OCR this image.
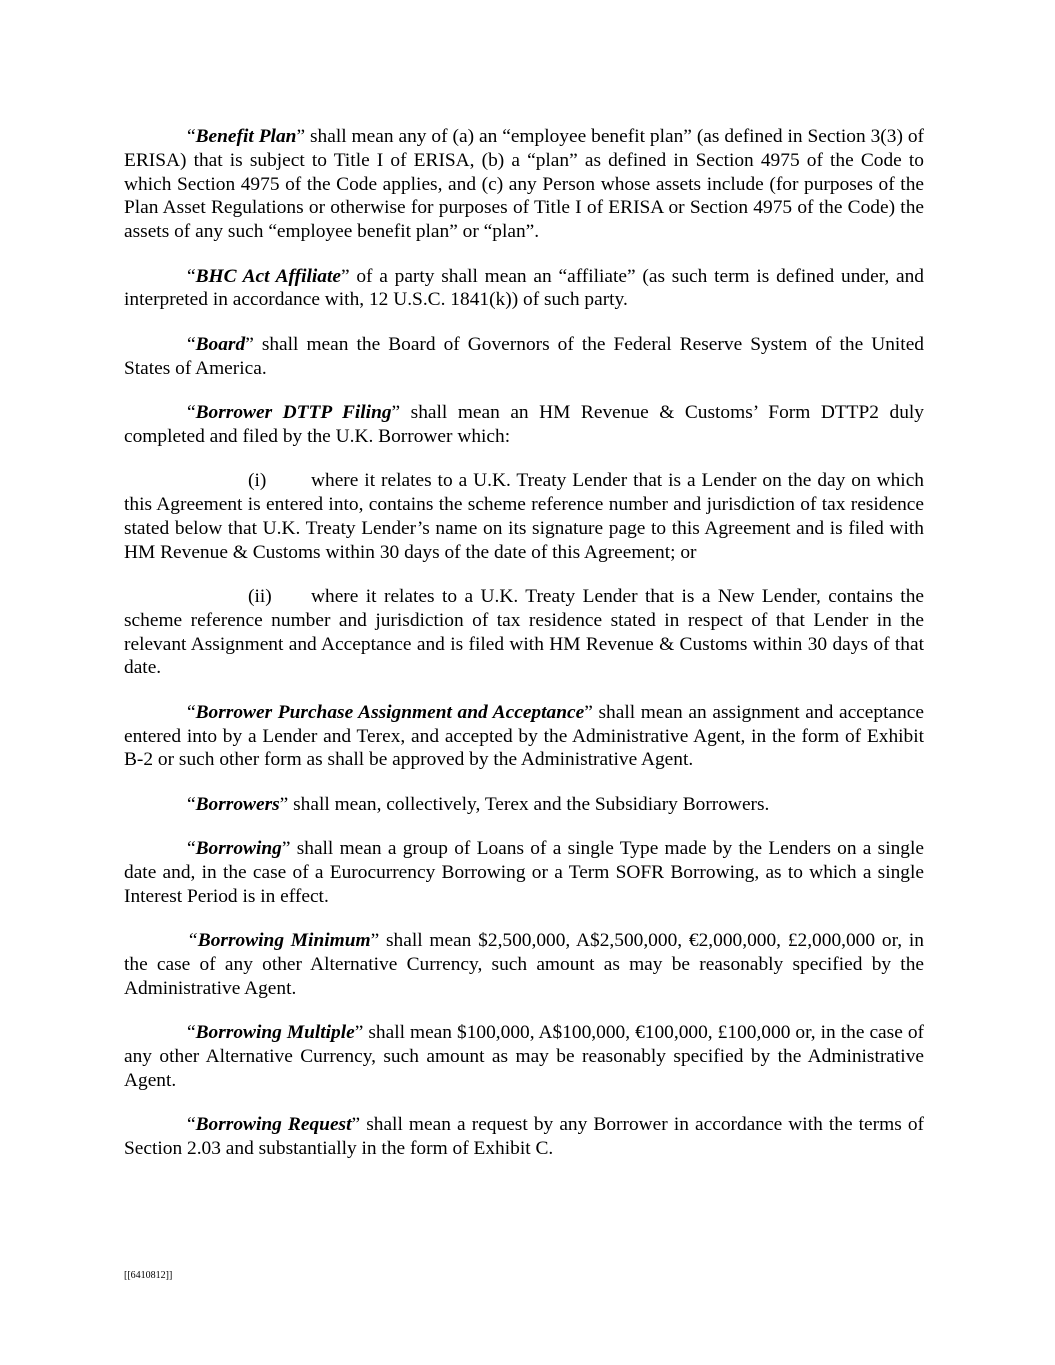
“Benefit Plan” shall mean any of (a) an “employee benefit plan” (as defined in Section 3(3) of ERISA) that is subject to Title I of ERISA, (b) a “plan” as defined in Section 4975 of the Code to which Section 4975 of the Code applies, and (c) any Person whose assets include (for purposes of the Plan Asset Regulations or otherwise for purposes of Title I of ERISA or Section 4975 of the Code) the assets of any such “employee benefit plan” or “plan”.

“BHC Act Affiliate” of a party shall mean an “affiliate” (as such term is defined under, and interpreted in accordance with, 12 U.S.C. 1841(k)) of such party.

“Board” shall mean the Board of Governors of the Federal Reserve System of the United States of America.

“Borrower DTTP Filing” shall mean an HM Revenue & Customs’ Form DTTP2 duly completed and filed by the U.K. Borrower which:

(i) where it relates to a U.K. Treaty Lender that is a Lender on the day on which this Agreement is entered into, contains the scheme reference number and jurisdiction of tax residence stated below that U.K. Treaty Lender’s name on its signature page to this Agreement and is filed with HM Revenue & Customs within 30 days of the date of this Agreement; or

(ii) where it relates to a U.K. Treaty Lender that is a New Lender, contains the scheme reference number and jurisdiction of tax residence stated in respect of that Lender in the relevant Assignment and Acceptance and is filed with HM Revenue & Customs within 30 days of that date.

“Borrower Purchase Assignment and Acceptance” shall mean an assignment and acceptance entered into by a Lender and Terex, and accepted by the Administrative Agent, in the form of Exhibit B-2 or such other form as shall be approved by the Administrative Agent.

“Borrowers” shall mean, collectively, Terex and the Subsidiary Borrowers.

“Borrowing” shall mean a group of Loans of a single Type made by the Lenders on a single date and, in the case of a Eurocurrency Borrowing or a Term SOFR Borrowing, as to which a single Interest Period is in effect.

“Borrowing Minimum” shall mean $2,500,000, A$2,500,000, €2,000,000, £2,000,000 or, in the case of any other Alternative Currency, such amount as may be reasonably specified by the Administrative Agent.

“Borrowing Multiple” shall mean $100,000, A$100,000, €100,000, £100,000 or, in the case of any other Alternative Currency, such amount as may be reasonably specified by the Administrative Agent.

“Borrowing Request” shall mean a request by any Borrower in accordance with the terms of Section 2.03 and substantially in the form of Exhibit C.

[[6410812]]
